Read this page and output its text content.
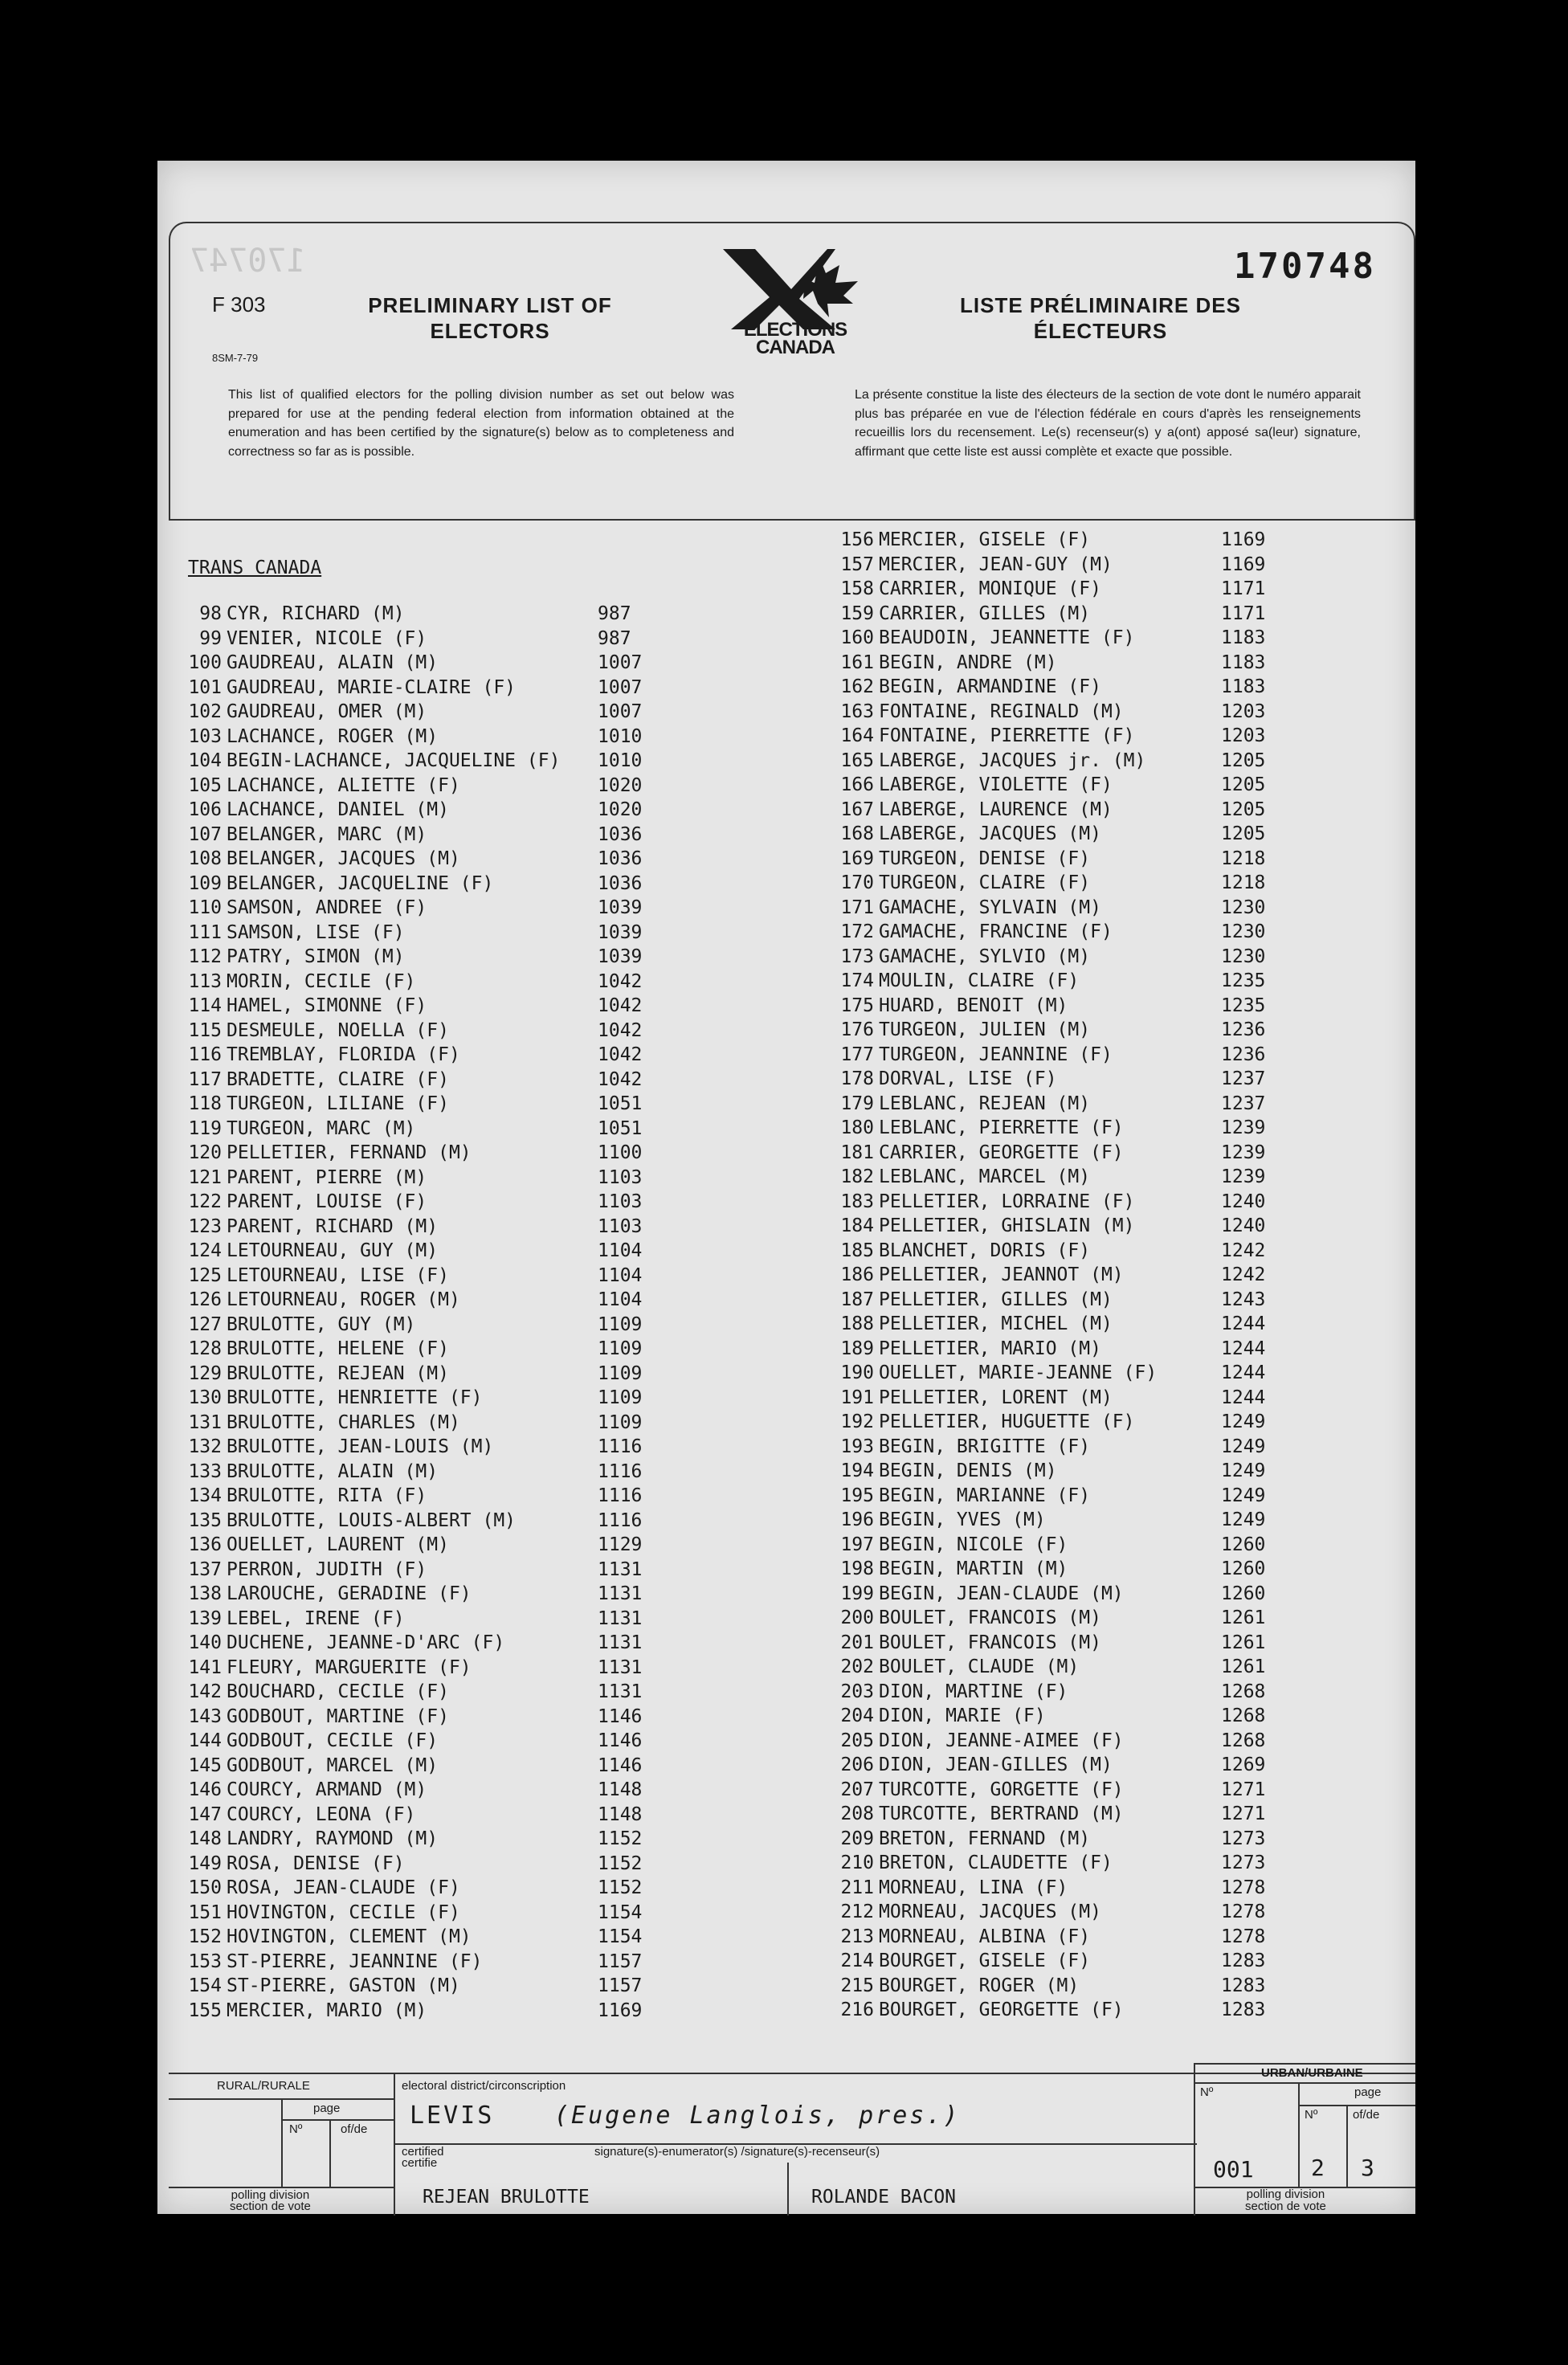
170747	170748
F 303
8SM-7-79
PRELIMINARY LIST OF ELECTORS
LISTE PRÉLIMINAIRE DES ÉLECTEURS
ELECTIONS
CANADA
This list of qualified electors for the polling division number as set out below was prepared for use at the pending federal election from information obtained at the enumeration and has been certified by the signature(s) below as to completeness and correctness so far as is possible.
La présente constitue la liste des électeurs de la section de vote dont le numéro apparait plus bas préparée en vue de l'élection fédérale en cours d'après les renseignements recueillis lors du recensement. Le(s) recenseur(s) y a(ont) apposé sa(leur) signature, affirmant que cette liste est aussi complète et exacte que possible.
TRANS CANADA
98 CYR, RICHARD (M)	987
99 VENIER, NICOLE (F)	987
100 GAUDREAU, ALAIN (M)	1007
101 GAUDREAU, MARIE-CLAIRE (F)	1007
102 GAUDREAU, OMER (M)	1007
103 LACHANCE, ROGER (M)	1010
104 BEGIN-LACHANCE, JACQUELINE (F) 1010
105 LACHANCE, ALIETTE (F)	1020
106 LACHANCE, DANIEL (M)	1020
107 BELANGER, MARC (M)	1036
108 BELANGER, JACQUES (M)	1036
109 BELANGER, JACQUELINE (F)	1036
110 SAMSON, ANDREE (F)	1039
111 SAMSON, LISE (F)	1039
112 PATRY, SIMON (M)	1039
113 MORIN, CECILE (F)	1042
114 HAMEL, SIMONNE (F)	1042
115 DESMEULE, NOELLA (F)	1042
116 TREMBLAY, FLORIDA (F)	1042
117 BRADETTE, CLAIRE (F)	1042
118 TURGEON, LILIANE (F)	1051
119 TURGEON, MARC (M)	1051
120 PELLETIER, FERNAND (M)	1100
121 PARENT, PIERRE (M)	1103
122 PARENT, LOUISE (F)	1103
123 PARENT, RICHARD (M)	1103
124 LETOURNEAU, GUY (M)	1104
125 LETOURNEAU, LISE (F)	1104
126 LETOURNEAU, ROGER (M)	1104
127 BRULOTTE, GUY (M)	1109
128 BRULOTTE, HELENE (F)	1109
129 BRULOTTE, REJEAN (M)	1109
130 BRULOTTE, HENRIETTE (F)	1109
131 BRULOTTE, CHARLES (M)	1109
132 BRULOTTE, JEAN-LOUIS (M)	1116
133 BRULOTTE, ALAIN (M)	1116
134 BRULOTTE, RITA (F)	1116
135 BRULOTTE, LOUIS-ALBERT (M)	1116
136 OUELLET, LAURENT (M)	1129
137 PERRON, JUDITH (F)	1131
138 LAROUCHE, GERADINE (F)	1131
139 LEBEL, IRENE (F)	1131
140 DUCHENE, JEANNE-D'ARC (F)	1131
141 FLEURY, MARGUERITE (F)	1131
142 BOUCHARD, CECILE (F)	1131
143 GODBOUT, MARTINE (F)	1146
144 GODBOUT, CECILE (F)	1146
145 GODBOUT, MARCEL (M)	1146
146 COURCY, ARMAND (M)	1148
147 COURCY, LEONA (F)	1148
148 LANDRY, RAYMOND (M)	1152
149 ROSA, DENISE (F)	1152
150 ROSA, JEAN-CLAUDE (F)	1152
151 HOVINGTON, CECILE (F)	1154
152 HOVINGTON, CLEMENT (M)	1154
153 ST-PIERRE, JEANNINE (F)	1157
154 ST-PIERRE, GASTON (M)	1157
155 MERCIER, MARIO (M)	1169
156 MERCIER, GISELE (F)	1169
157 MERCIER, JEAN-GUY (M)	1169
158 CARRIER, MONIQUE (F)	1171
159 CARRIER, GILLES (M)	1171
160 BEAUDOIN, JEANNETTE (F)	1183
161 BEGIN, ANDRE (M)	1183
162 BEGIN, ARMANDINE (F)	1183
163 FONTAINE, REGINALD (M)	1203
164 FONTAINE, PIERRETTE (F)	1203
165 LABERGE, JACQUES jr. (M)	1205
166 LABERGE, VIOLETTE (F)	1205
167 LABERGE, LAURENCE (M)	1205
168 LABERGE, JACQUES (M)	1205
169 TURGEON, DENISE (F)	1218
170 TURGEON, CLAIRE (F)	1218
171 GAMACHE, SYLVAIN (M)	1230
172 GAMACHE, FRANCINE (F)	1230
173 GAMACHE, SYLVIO (M)	1230
174 MOULIN, CLAIRE (F)	1235
175 HUARD, BENOIT (M)	1235
176 TURGEON, JULIEN (M)	1236
177 TURGEON, JEANNINE (F)	1236
178 DORVAL, LISE (F)	1237
179 LEBLANC, REJEAN (M)	1237
180 LEBLANC, PIERRETTE (F)	1239
181 CARRIER, GEORGETTE (F)	1239
182 LEBLANC, MARCEL (M)	1239
183 PELLETIER, LORRAINE (F)	1240
184 PELLETIER, GHISLAIN (M)	1240
185 BLANCHET, DORIS (F)	1242
186 PELLETIER, JEANNOT (M)	1242
187 PELLETIER, GILLES (M)	1243
188 PELLETIER, MICHEL (M)	1244
189 PELLETIER, MARIO (M)	1244
190 OUELLET, MARIE-JEANNE (F)	1244
191 PELLETIER, LORENT (M)	1244
192 PELLETIER, HUGUETTE (F)	1249
193 BEGIN, BRIGITTE (F)	1249
194 BEGIN, DENIS (M)	1249
195 BEGIN, MARIANNE (F)	1249
196 BEGIN, YVES (M)	1249
197 BEGIN, NICOLE (F)	1260
198 BEGIN, MARTIN (M)	1260
199 BEGIN, JEAN-CLAUDE (M)	1260
200 BOULET, FRANCOIS (M)	1261
201 BOULET, FRANCOIS (M)	1261
202 BOULET, CLAUDE (M)	1261
203 DION, MARTINE (F)	1268
204 DION, MARIE (F)	1268
205 DION, JEANNE-AIMEE (F)	1268
206 DION, JEAN-GILLES (M)	1269
207 TURCOTTE, GORGETTE (F)	1271
208 TURCOTTE, BERTRAND (M)	1271
209 BRETON, FERNAND (M)	1273
210 BRETON, CLAUDETTE (F)	1273
211 MORNEAU, LINA (F)	1278
212 MORNEAU, JACQUES (M)	1278
213 MORNEAU, ALBINA (F)	1278
214 BOURGET, GISELE (F)	1283
215 BOURGET, ROGER (M)	1283
216 BOURGET, GEORGETTE (F)	1283
RURAL/RURALE
page
Nº	of/de
polling division
section de vote
electoral district/circonscription
LEVIS (Eugene Langlois, pres.)
certified
certifie
signature(s)-enumerator(s) /signature(s)-recenseur(s)
REJEAN BRULOTTE	ROLANDE BACON
URBAN/URBAINE
Nº	page
Nº	of/de
001	2 3
polling division
section de vote
